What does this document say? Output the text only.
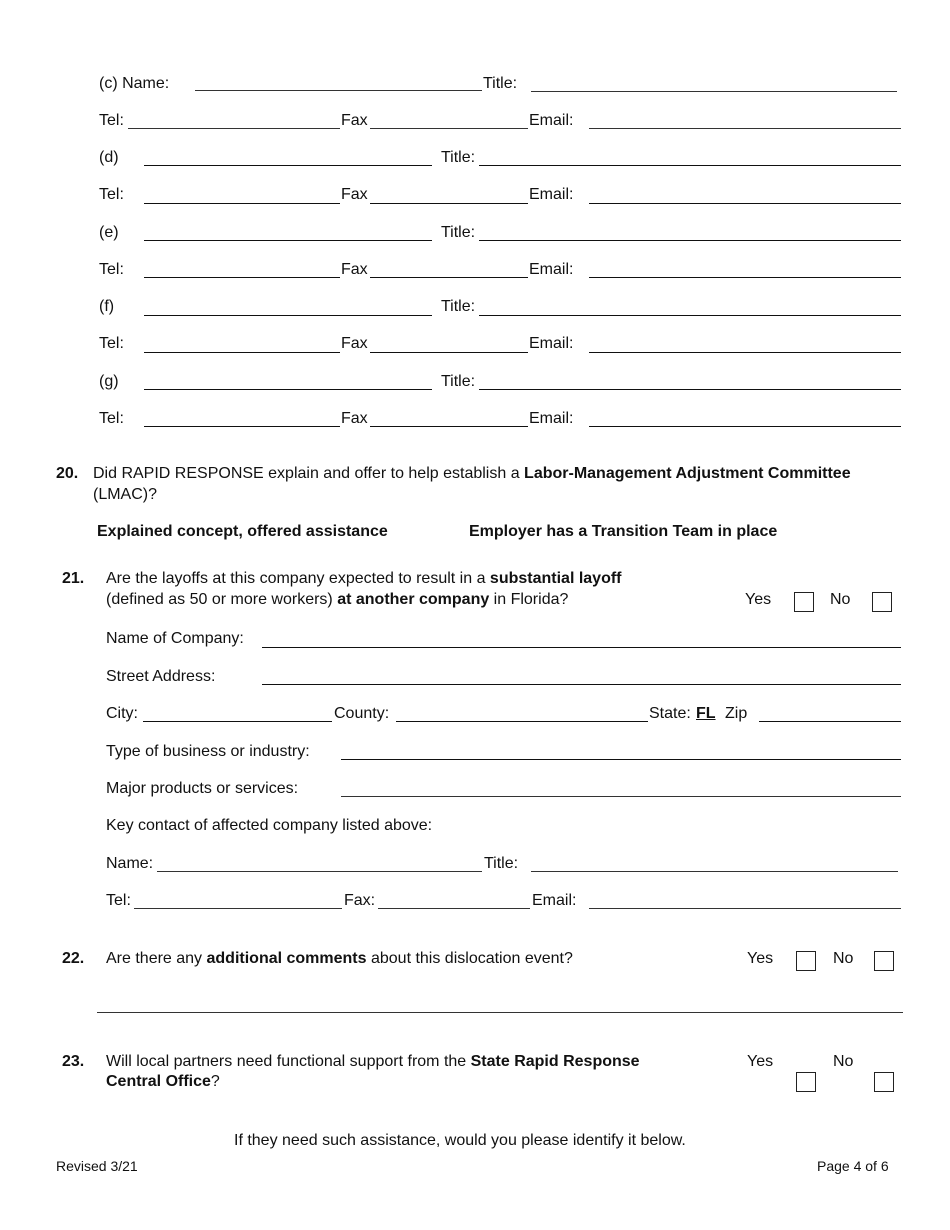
(c) Name:	Title:
Tel:	Fax	Email:
(d)	Title:
Tel:	Fax	Email:
(e)	Title:
Tel:	Fax	Email:
(f)	Title:
Tel:	Fax	Email:
(g)	Title:
Tel:	Fax	Email:
20. Did RAPID RESPONSE explain and offer to help establish a Labor-Management Adjustment Committee
(LMAC)?
Explained concept, offered assistance	Employer has a Transition Team in place
21. Are the layoffs at this company expected to result in a substantial layoff
(defined as 50 or more workers) at another company in Florida?	Yes	No
Name of Company:
Street Address:
City:	County:	State: FL Zip
Type of business or industry:
Major products or services:
Key contact of affected company listed above:
Name:	Title:
Tel:	Fax:	Email:
22. Are there any additional comments about this dislocation event?	Yes	No
23. Will local partners need functional support from the State Rapid Response
Central Office?
Yes	No
If they need such assistance, would you please identify it below.
Revised 3/21	Page 4 of 6
